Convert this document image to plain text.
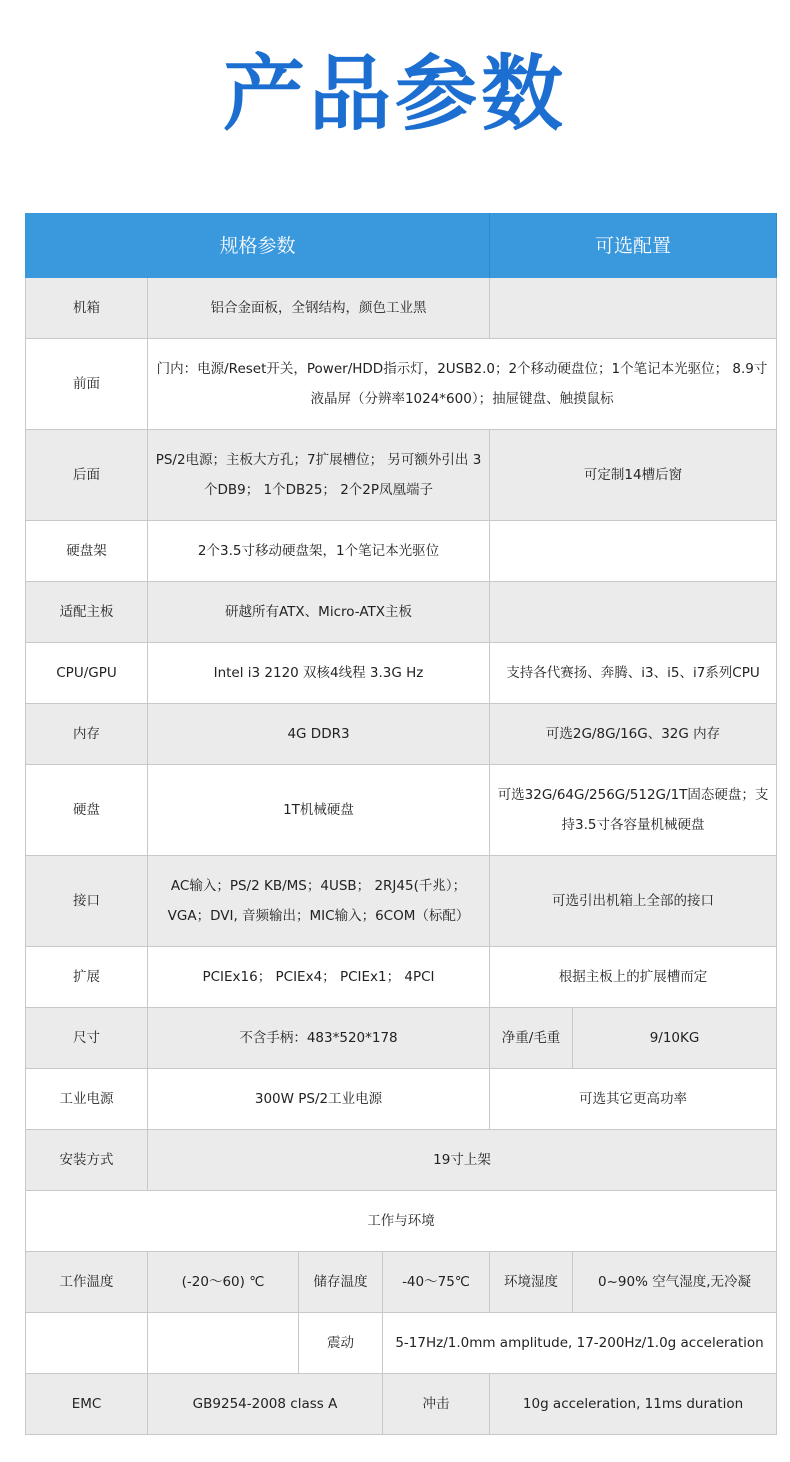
产品参数
规格参数				可选配置	
机箱	铝合金面板，全钢结构，颜色工业黑				
前面	门内：电源/Reset开关，Power/HDD指示灯，2USB2.0；2个移动硬盘位；1个笔记本光驱位； 8.9寸液晶屏（分辨率1024*600）；抽屉键盘、触摸鼠标				
后面	PS/2电源；主板大方孔；7扩展槽位； 另可额外引出 3个DB9； 1个DB25； 2个2P凤凰端子			可定制14槽后窗	
硬盘架	2个3.5寸移动硬盘架，1个笔记本光驱位				
适配主板	研越所有ATX、Micro-ATX主板				
CPU/GPU	Intel i3 2120 双核4线程 3.3G Hz			支持各代赛扬、奔腾、i3、i5、i7系列CPU	
内存	4G DDR3			可选2G/8G/16G、32G 内存	
硬盘	1T机械硬盘			可选32G/64G/256G/512G/1T固态硬盘；支持3.5寸各容量机械硬盘	
接口	AC输入；PS/2 KB/MS；4USB； 2RJ45(千兆）；VGA；DVI, 音频输出；MIC输入；6COM（标配）			可选引出机箱上全部的接口	
扩展	PCIEx16； PCIEx4； PCIEx1； 4PCI			根据主板上的扩展槽而定	
尺寸	不含手柄：483*520*178			净重/毛重	9/10KG
工业电源	300W PS/2工业电源			可选其它更高功率	
安装方式	19寸上架				
工作与环境					
工作温度	(-20～60) ℃	储存温度	-40～75℃	环境湿度	0~90% 空气湿度,无冷凝
		震动	5-17Hz/1.0mm amplitude, 17-200Hz/1.0g acceleration		
EMC	GB9254-2008 class A		冲击	10g acceleration, 11ms duration	
